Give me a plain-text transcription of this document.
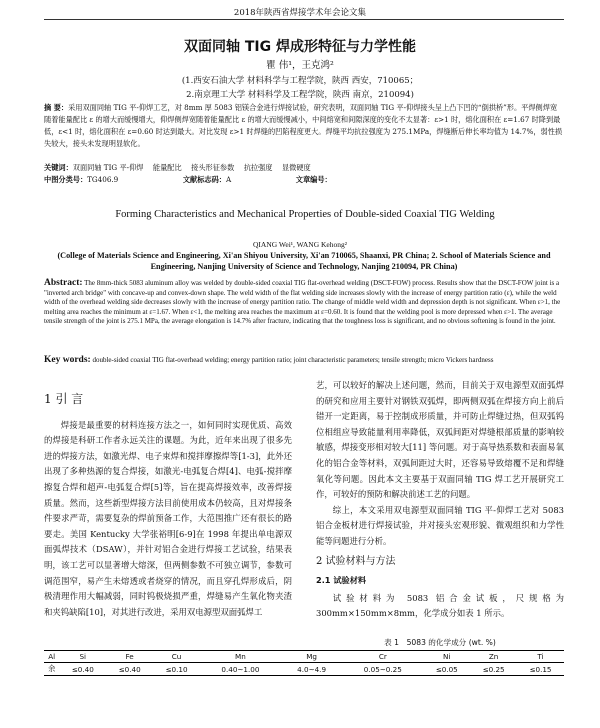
2018年陕西省焊接学术年会论文集
双面同轴 TIG 焊成形特征与力学性能
瞿 伟¹，王克鸿²
(1.西安石油大学 材料科学与工程学院，陕西 西安，710065；
2.南京理工大学 材料科学及工程学院，陕西 南京，210094)
摘 要：采用双面同轴 TIG 平-仰焊工艺，对 8mm 厚 5083 铝镁合金进行焊接试验，研究表明，双面同轴 TIG 平-仰焊接头呈上凸下凹的“倒拱桥”形。平焊侧焊宽随着能量配比 ε 的增大而缓慢增大，仰焊侧焊宽随着能量配比 ε 的增大而缓慢减小，中间熔宽和间隙深度的变化不太显著：ε>1 时，熔化面积在 ε=1.67 时降到最低，ε<1 时，熔化面积在 ε=0.60 时达到最大。对比发现 ε>1 时焊缝的凹陷程度更大。焊缝平均抗拉强度为 275.1MPa，焊缝断后伸长率均值为 14.7%，弱性损失较大，接头未发现明显软化。
关键词：双面同轴 TIG 平-仰焊　 能量配比　 接头形征参数　 抗拉强度　 显微硬度
中图分类号：TG406.9	文献标志码：A	文章编号：
Forming Characteristics and Mechanical Properties of Double-sided Coaxial TIG Welding
QIANG Wei¹, WANG Kehong²
(College of Materials Science and Engineering, Xi'an Shiyou University, Xi'an 710065, Shaanxi, PR China; 2. School of Materials Science and Engineering, Nanjing University of Science and Technology, Nanjing 210094, PR China)
Abstract: The 8mm-thick 5083 aluminum alloy was welded by double-sided coaxial TIG flat-overhead welding (DSCT-FOW) process. Results show that the DSCT-FOW joint is a "inverted arch bridge" with concave-up and convex-down shape. The weld width of the flat welding side increases slowly with the increase of energy partition ratio (ε), while the weld width of the overhead welding side decreases slowly with the increase of energy partition ratio. The change of middle weld width and depression depth is not significant. When ε>1, the melting area reaches the minimum at ε=1.67. When ε<1, the melting area reaches the maximum at ε=0.60. It is found that the welding pool is more depressed when ε>1. The average tensile strength of the joint is 275.1 MPa, the average elongation is 14.7% after fracture, indicating that the toughness loss is significant, and no obvious softening is found in the joint.
Key words: double-sided coaxial TIG flat-overhead welding; energy partition ratio; joint characteristic parameters; tensile strength; micro Vickers hardness
1 引 言

焊接是最重要的材料连接方法之一，如何同时实现优质、高效的焊接是科研工作者永远关注的课题。为此，近年来出现了很多先进的焊接方法，如激光焊、电子束焊和搅拌摩擦焊等[1-3]，此外还出现了多种热源的复合焊接，如激光-电弧复合焊[4]、电弧-搅拌摩擦复合焊和超声-电弧复合焊[5]等，旨在提高焊接效率，改善焊接质量。然而，这些新型焊接方法目前使用成本仍较高，且对焊接条件要求严苛，需要复杂的焊前预备工作，大范围推广还有很长的路要走。美国 Kentucky 大学张裕明[6-9]在 1998 年提出单电源双面弧焊技术（DSAW），并针对铝合金进行焊接工艺试验，结果表明，该工艺可以显著增大熔深，但两侧参数不可独立调节，参数可调范围窄，易产生未熔透或者烧穿的情况，而且穿孔焊形成后，阴极清理作用大幅减弱，同时钨极烧损严重，焊缝易产生氧化物夹渣和夹钨缺陷[10]，对其进行改进，采用双电源型双面弧焊工

艺，可以较好的解决上述问题，然而，目前关于双电源型双面弧焊的研究和应用主要针对钢铁双弧焊，即两侧双弧在焊接方向上前后错开一定距离，易于控制成形质量，并可防止焊缝过热，但双弧钨位相组应导致能量利用率降低，双弧间距对焊缝根部质量的影响较敏感，焊接变形相对较大[11] 等问题。对于高导热系数和表面易氧化的铝合金等材料，双弧间距过大时，还容易导致熔覆不足和焊缝氧化等问题。因此本文主要基于双面同轴 TIG 焊工艺开展研究工作，可较好的预防和解决前述工艺的问题。

综上，本文采用双电源型双面同轴 TIG 平-仰焊工艺对 5083 铝合金板材进行焊接试验，并对接头宏观形貌、微观组织和力学性能等问题进行分析。

2 试验材料与方法
2.1 试验材料

试验材料为 5083 铝合金试板，尺规格为 300mm×150mm×8mm，化学成分如表 1 所示。

表 1　5083 的化学成分 (wt. %)
Al	Si	Fe	Cu	Mn	Mg	Cr	Ni	Zn	Ti
余	≤0.40	≤0.40	≤0.10	0.40~1.00	4.0~4.9	0.05~0.25	≤0.05	≤0.25	≤0.15
